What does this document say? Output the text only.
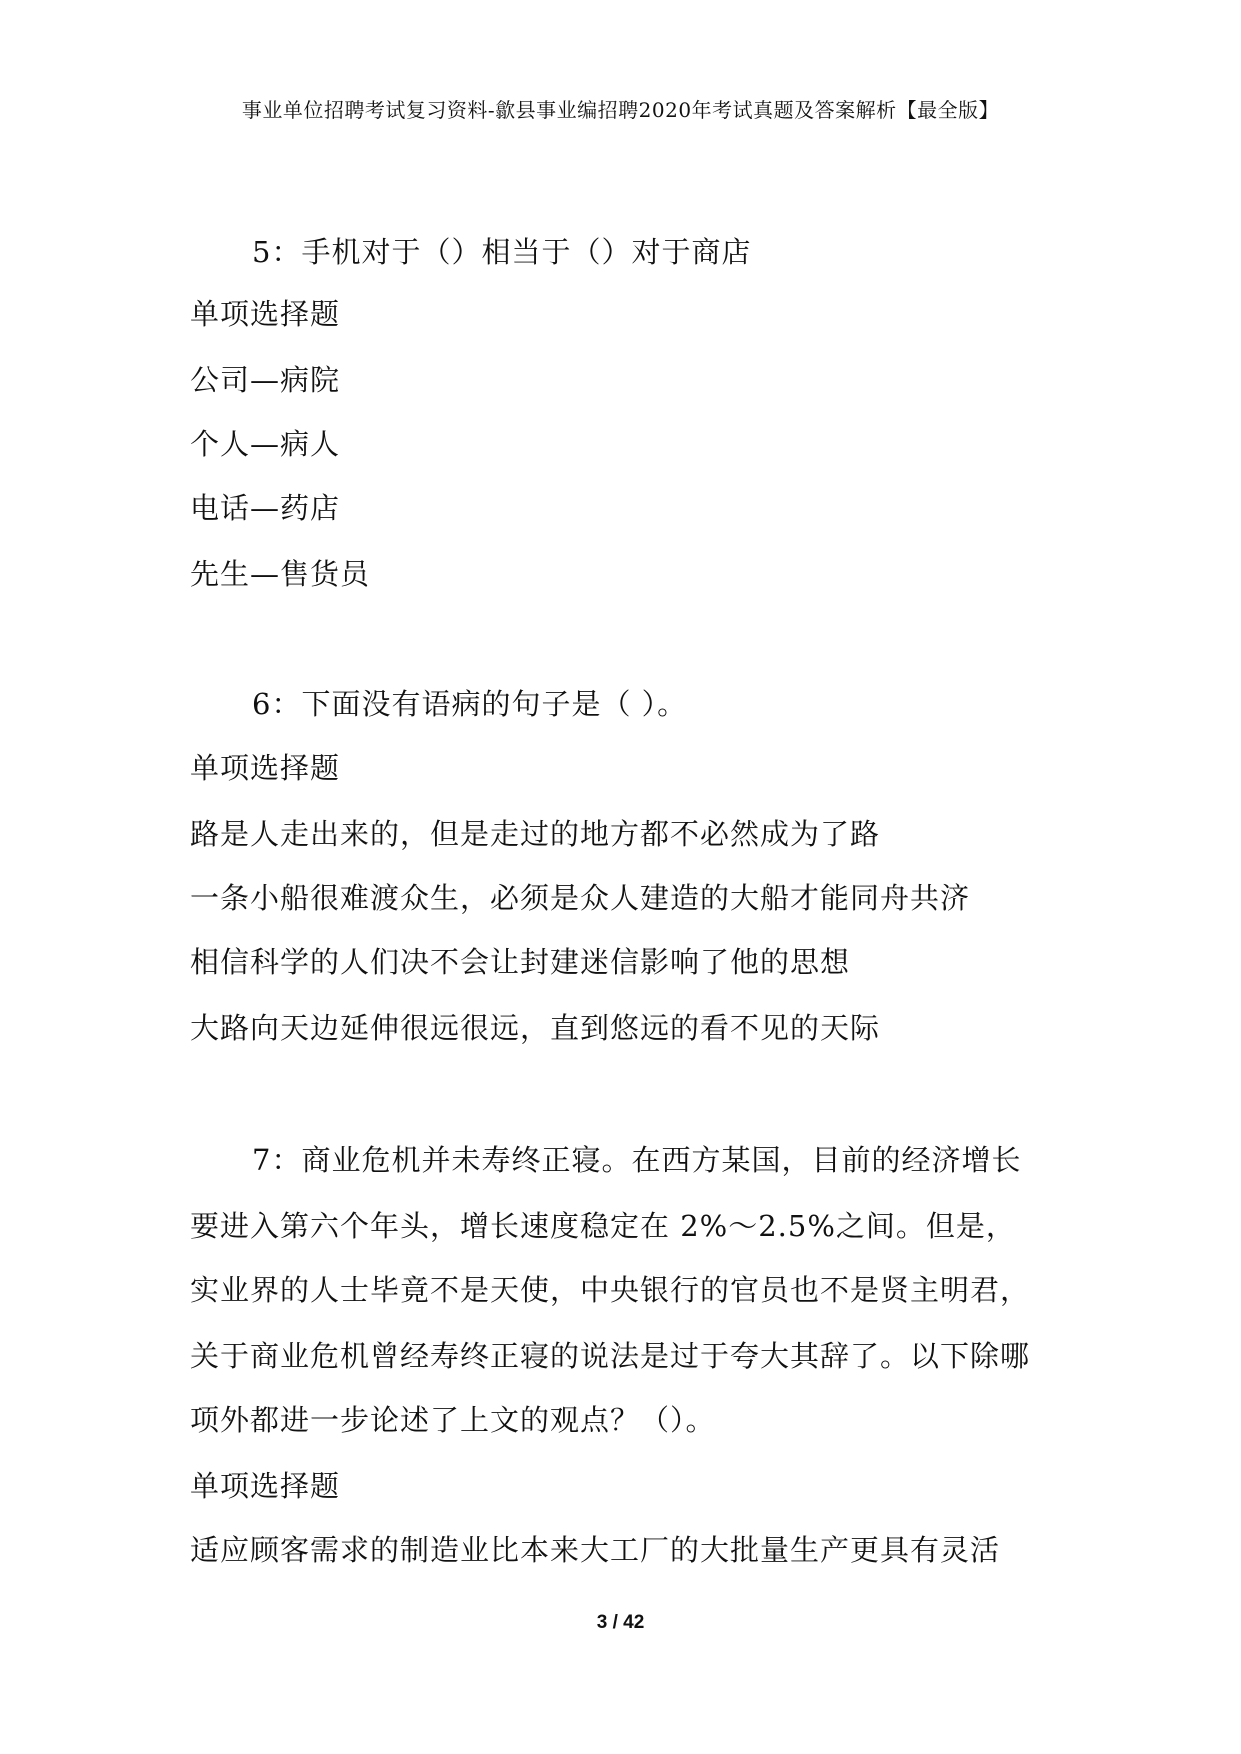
事业单位招聘考试复习资料-歙县事业编招聘2020年考试真题及答案解析【最全版】
5：手机对于（）相当于（）对于商店
单项选择题
公司—病院
个人—病人
电话—药店
先生—售货员
6：下面没有语病的句子是（ ）。
单项选择题
路是人走出来的，但是走过的地方都不必然成为了路
一条小船很难渡众生，必须是众人建造的大船才能同舟共济
相信科学的人们决不会让封建迷信影响了他的思想
大路向天边延伸很远很远，直到悠远的看不见的天际
7：商业危机并未寿终正寝。在西方某国，目前的经济增长
要进入第六个年头，增长速度稳定在 2%～2.5%之间。但是，
实业界的人士毕竟不是天使，中央银行的官员也不是贤主明君，
关于商业危机曾经寿终正寝的说法是过于夸大其辞了。以下除哪
项外都进一步论述了上文的观点？（）。
单项选择题
适应顾客需求的制造业比本来大工厂的大批量生产更具有灵活
3 / 42
